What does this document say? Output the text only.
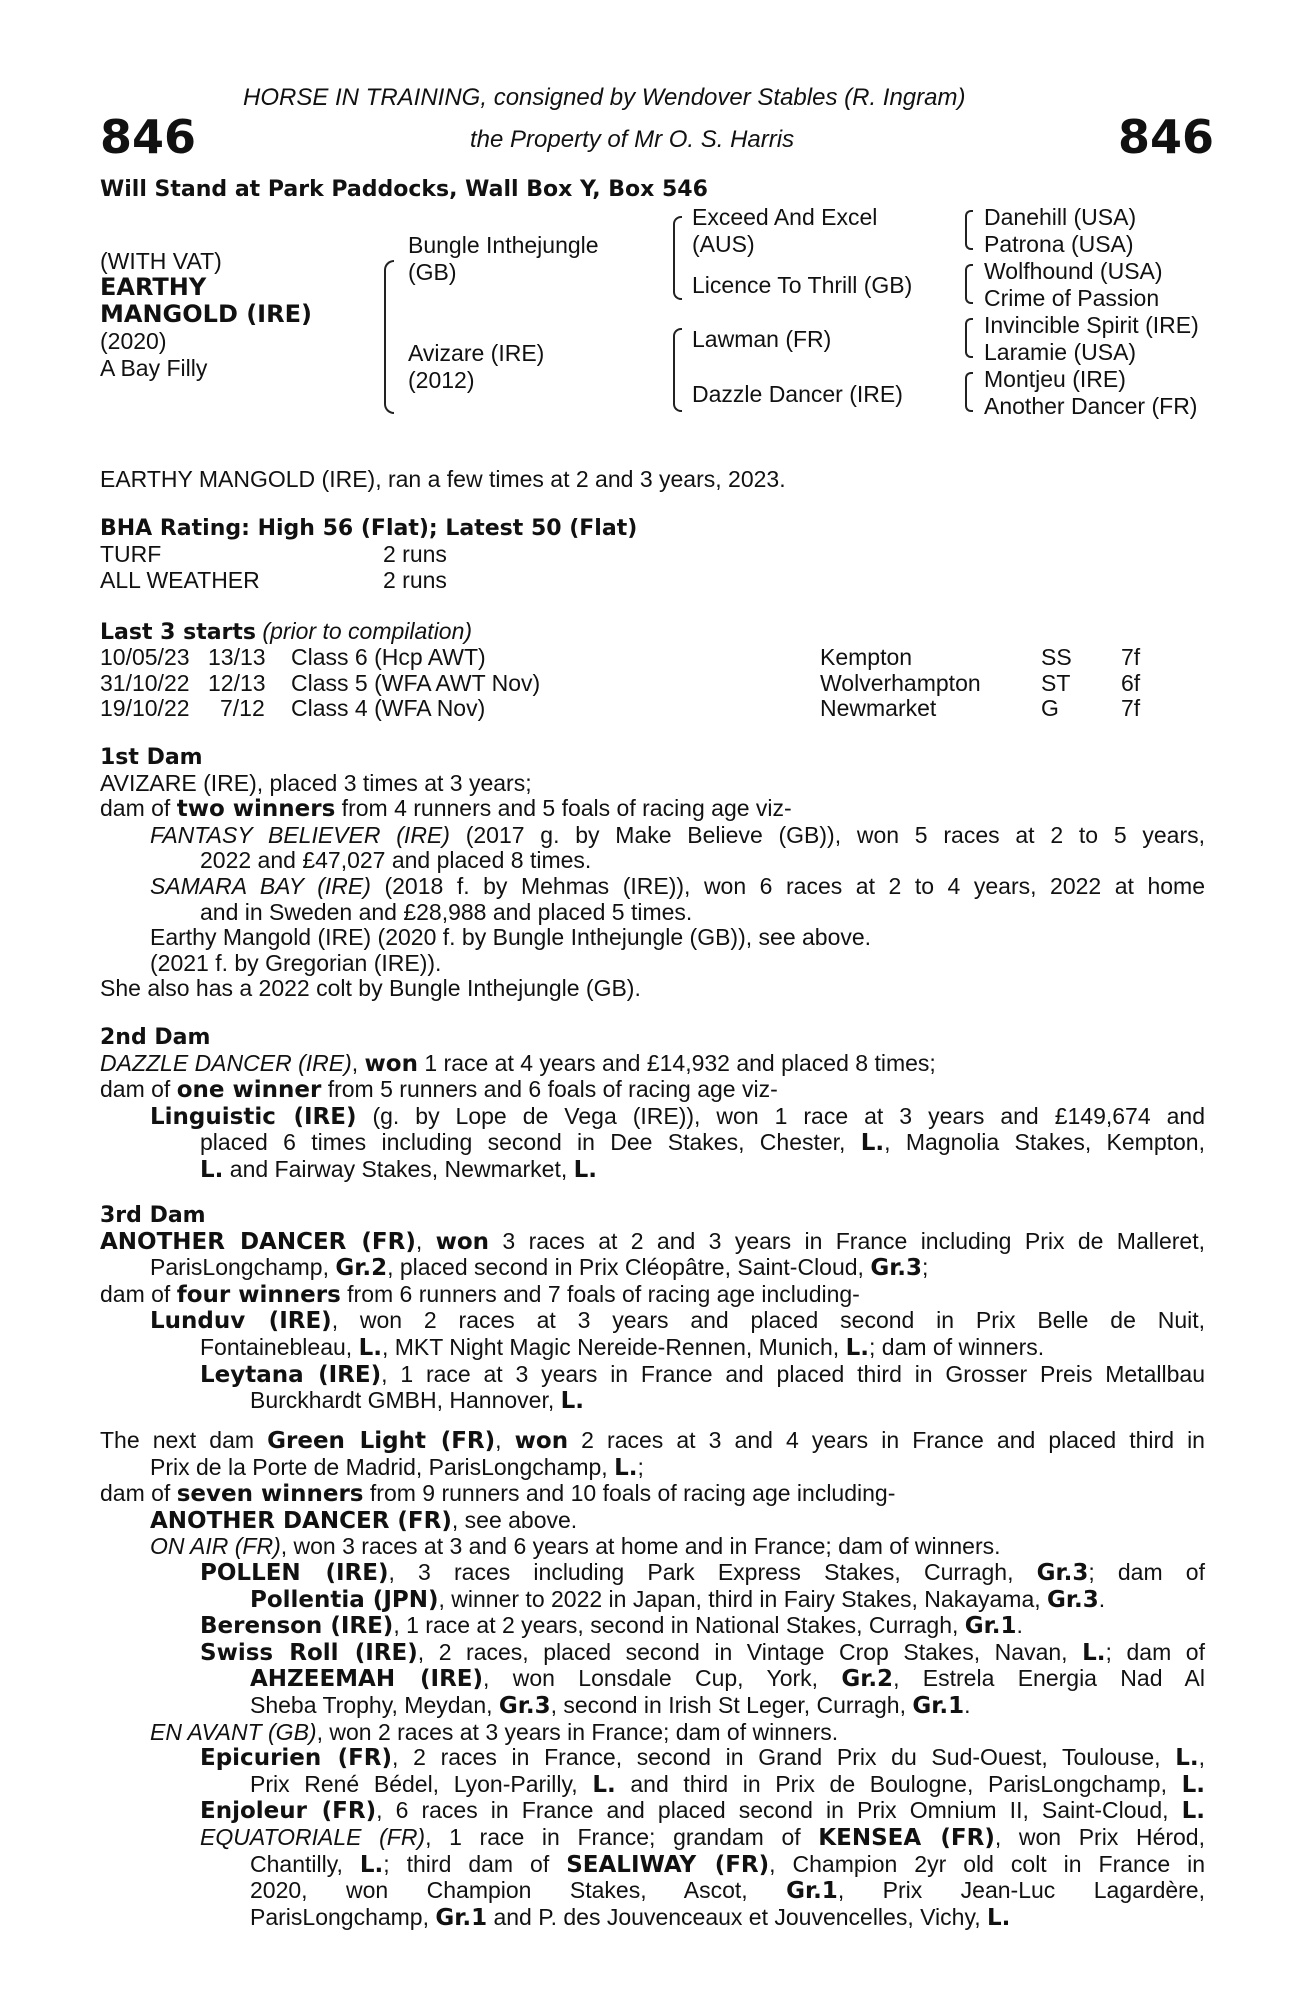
HORSE IN TRAINING, consigned by Wendover Stables (R. Ingram)
846	the Property of Mr O. S. Harris	846
Will Stand at Park Paddocks, Wall Box Y, Box 546
(WITH VAT)
EARTHY
MANGOLD (IRE)
(2020)
A Bay Filly
Bungle Inthejungle
(GB)
Avizare (IRE)
(2012)
Exceed And Excel
(AUS)
Licence To Thrill (GB)
Lawman (FR)
Dazzle Dancer (IRE)
Danehill (USA)
Patrona (USA)
Wolfhound (USA)
Crime of Passion
Invincible Spirit (IRE)
Laramie (USA)
Montjeu (IRE)
Another Dancer (FR)
EARTHY MANGOLD (IRE), ran a few times at 2 and 3 years, 2023.
BHA Rating: High 56 (Flat); Latest 50 (Flat)
TURF	2 runs
ALL WEATHER	2 runs
Last 3 starts (prior to compilation)
10/05/23 13/13 Class 6 (Hcp AWT)	Kempton	SS 7f
31/10/22 12/13 Class 5 (WFA AWT Nov)	Wolverhampton	ST 6f
19/10/22 7/12 Class 4 (WFA Nov)	Newmarket	G	7f

1st Dam

AVIZARE (IRE), placed 3 times at 3 years;

dam of two winners from 4 runners and 5 foals of racing age viz-

FANTASY BELIEVER (IRE) (2017 g. by Make Believe (GB)), won 5 races at 2 to 5 years,

2022 and £47,027 and placed 8 times.

SAMARA BAY (IRE) (2018 f. by Mehmas (IRE)), won 6 races at 2 to 4 years, 2022 at home

and in Sweden and £28,988 and placed 5 times.

Earthy Mangold (IRE) (2020 f. by Bungle Inthejungle (GB)), see above.

(2021 f. by Gregorian (IRE)).

She also has a 2022 colt by Bungle Inthejungle (GB).

2nd Dam

DAZZLE DANCER (IRE), won 1 race at 4 years and £14,932 and placed 8 times;

dam of one winner from 5 runners and 6 foals of racing age viz-

Linguistic (IRE) (g. by Lope de Vega (IRE)), won 1 race at 3 years and £149,674 and

placed 6 times including second in Dee Stakes, Chester, L., Magnolia Stakes, Kempton,

L. and Fairway Stakes, Newmarket, L.

3rd Dam

ANOTHER DANCER (FR), won 3 races at 2 and 3 years in France including Prix de Malleret,

ParisLongchamp, Gr.2, placed second in Prix Cléopâtre, Saint-Cloud, Gr.3;

dam of four winners from 6 runners and 7 foals of racing age including-

Lunduv (IRE), won 2 races at 3 years and placed second in Prix Belle de Nuit,

Fontainebleau, L., MKT Night Magic Nereide-Rennen, Munich, L.; dam of winners.

Leytana (IRE), 1 race at 3 years in France and placed third in Grosser Preis Metallbau

Burckhardt GMBH, Hannover, L.

The next dam Green Light (FR), won 2 races at 3 and 4 years in France and placed third in

Prix de la Porte de Madrid, ParisLongchamp, L.;

dam of seven winners from 9 runners and 10 foals of racing age including-

ANOTHER DANCER (FR), see above.

ON AIR (FR), won 3 races at 3 and 6 years at home and in France; dam of winners.

POLLEN (IRE), 3 races including Park Express Stakes, Curragh, Gr.3; dam of

Pollentia (JPN), winner to 2022 in Japan, third in Fairy Stakes, Nakayama, Gr.3.

Berenson (IRE), 1 race at 2 years, second in National Stakes, Curragh, Gr.1.

Swiss Roll (IRE), 2 races, placed second in Vintage Crop Stakes, Navan, L.; dam of

AHZEEMAH (IRE), won Lonsdale Cup, York, Gr.2, Estrela Energia Nad Al

Sheba Trophy, Meydan, Gr.3, second in Irish St Leger, Curragh, Gr.1.

EN AVANT (GB), won 2 races at 3 years in France; dam of winners.

Epicurien (FR), 2 races in France, second in Grand Prix du Sud-Ouest, Toulouse, L.,

Prix René Bédel, Lyon-Parilly, L. and third in Prix de Boulogne, ParisLongchamp, L.

Enjoleur (FR), 6 races in France and placed second in Prix Omnium II, Saint-Cloud, L.

EQUATORIALE (FR), 1 race in France; grandam of KENSEA (FR), won Prix Hérod,

Chantilly, L.; third dam of SEALIWAY (FR), Champion 2yr old colt in France in

2020, won Champion Stakes, Ascot, Gr.1, Prix Jean-Luc Lagardère,

ParisLongchamp, Gr.1 and P. des Jouvenceaux et Jouvencelles, Vichy, L.
